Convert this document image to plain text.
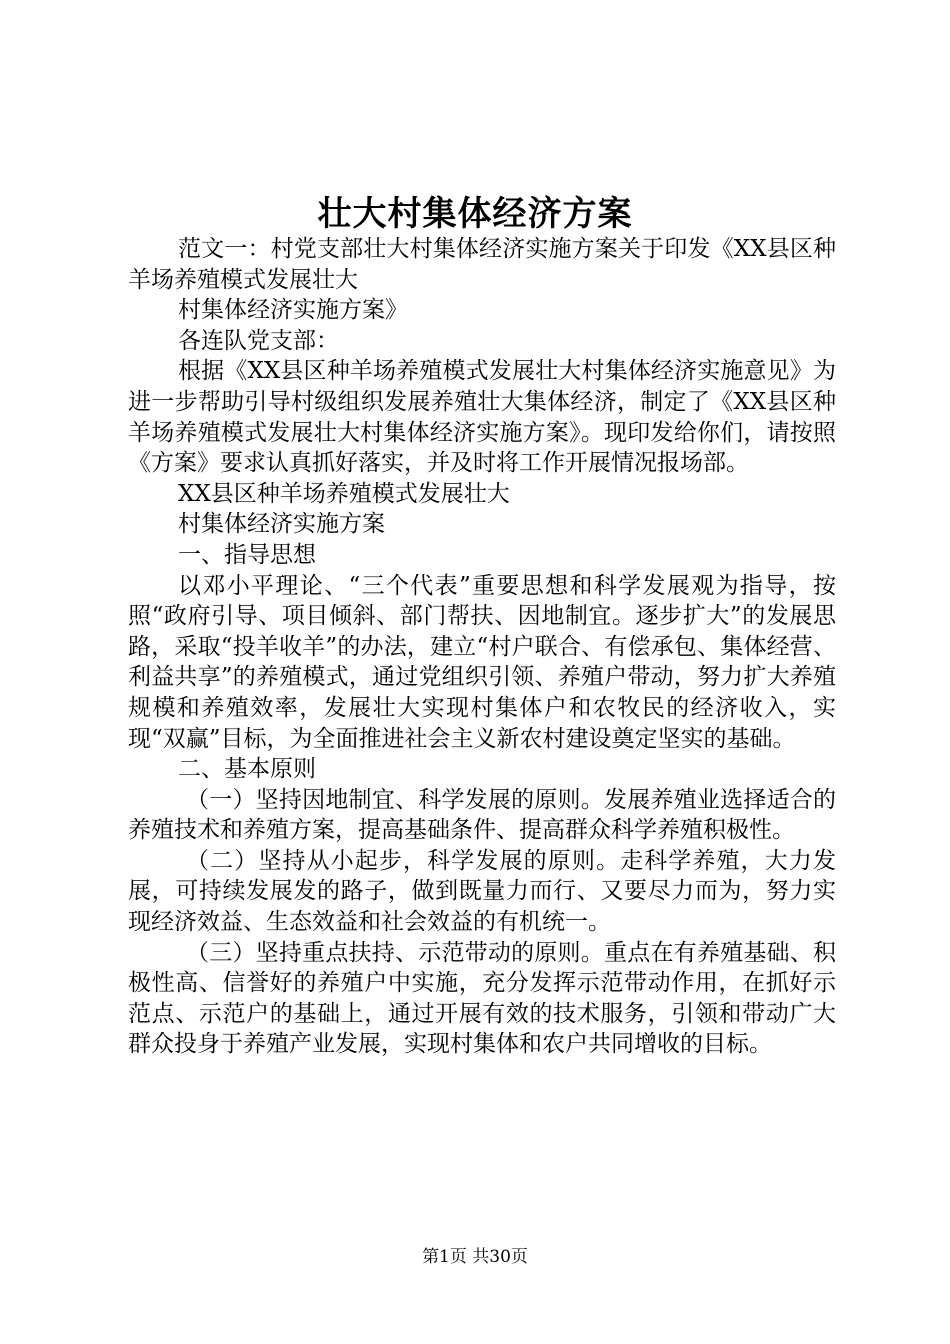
壮大村集体经济方案

范文一：村党支部壮大村集体经济实施方案关于印发《XX县区种羊场养殖模式发展壮大

村集体经济实施方案》

各连队党支部：

根据《XX县区种羊场养殖模式发展壮大村集体经济实施意见》为进一步帮助引导村级组织发展养殖壮大集体经济，制定了《XX县区种羊场养殖模式发展壮大村集体经济实施方案》。现印发给你们，请按照《方案》要求认真抓好落实，并及时将工作开展情况报场部。

XX县区种羊场养殖模式发展壮大

村集体经济实施方案

一、指导思想

以邓小平理论、“三个代表”重要思想和科学发展观为指导，按照“政府引导、项目倾斜、部门帮扶、因地制宜。逐步扩大”的发展思路，采取“投羊收羊”的办法，建立“村户联合、有偿承包、集体经营、利益共享”的养殖模式，通过党组织引领、养殖户带动，努力扩大养殖规模和养殖效率，发展壮大实现村集体户和农牧民的经济收入，实现“双赢”目标，为全面推进社会主义新农村建设奠定坚实的基础。

二、基本原则

（一）坚持因地制宜、科学发展的原则。发展养殖业选择适合的养殖技术和养殖方案，提高基础条件、提高群众科学养殖积极性。

（二）坚持从小起步，科学发展的原则。走科学养殖，大力发展，可持续发展发的路子，做到既量力而行、又要尽力而为，努力实现经济效益、生态效益和社会效益的有机统一。

（三）坚持重点扶持、示范带动的原则。重点在有养殖基础、积极性高、信誉好的养殖户中实施，充分发挥示范带动作用，在抓好示范点、示范户的基础上，通过开展有效的技术服务，引领和带动广大群众投身于养殖产业发展，实现村集体和农户共同增收的目标。

第1页 共30页
